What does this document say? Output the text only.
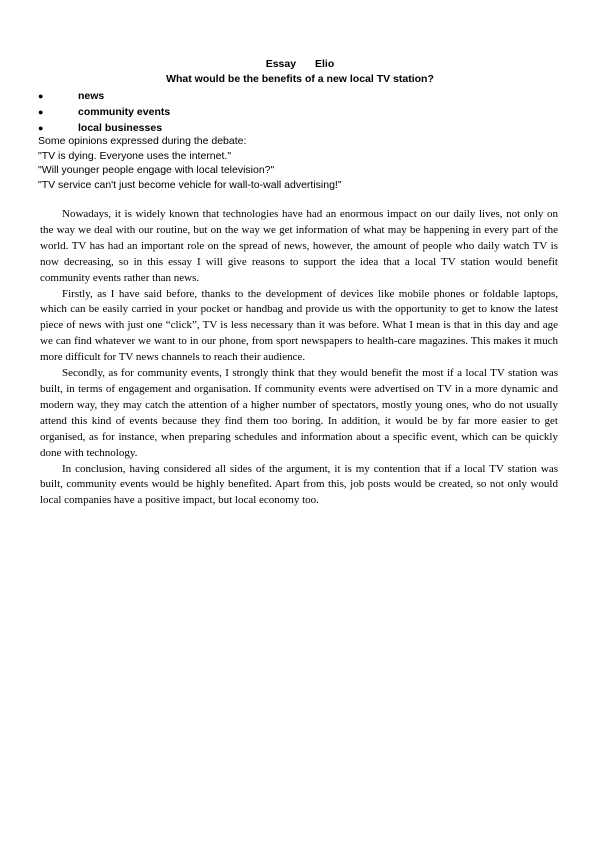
Essay Elio
What would be the benefits of a new local TV station?
●	news
●	community events
●	local businesses
Some opinions expressed during the debate:
"TV is dying. Everyone uses the internet."
"Will younger people engage with local television?"
"TV service can't just become vehicle for wall-to-wall advertising!"

Nowadays, it is widely known that technologies have had an enormous impact on our daily lives, not only on the way we deal with our routine, but on the way we get information of what may be happening in every part of the world. TV has had an important role on the spread of news, however, the amount of people who daily watch TV is now decreasing, so in this essay I will give reasons to support the idea that a local TV station would benefit community events rather than news.

Firstly, as I have said before, thanks to the development of devices like mobile phones or foldable laptops, which can be easily carried in your pocket or handbag and provide us with the opportunity to get to know the latest piece of news with just one “click”, TV is less necessary than it was before. What I mean is that in this day and age we can find whatever we want to in our phone, from sport newspapers to health-care magazines. This makes it much more difficult for TV news channels to reach their audience.

Secondly, as for community events, I strongly think that they would benefit the most if a local TV station was built, in terms of engagement and organisation. If community events were advertised on TV in a more dynamic and modern way, they may catch the attention of a higher number of spectators, mostly young ones, who do not usually attend this kind of events because they find them too boring. In addition, it would be by far more easier to get organised, as for instance, when preparing schedules and information about a specific event, which can be quickly done with technology.

In conclusion, having considered all sides of the argument, it is my contention that if a local TV station was built, community events would be highly benefited. Apart from this, job posts would be created, so not only would local companies have a positive impact, but local economy too.
